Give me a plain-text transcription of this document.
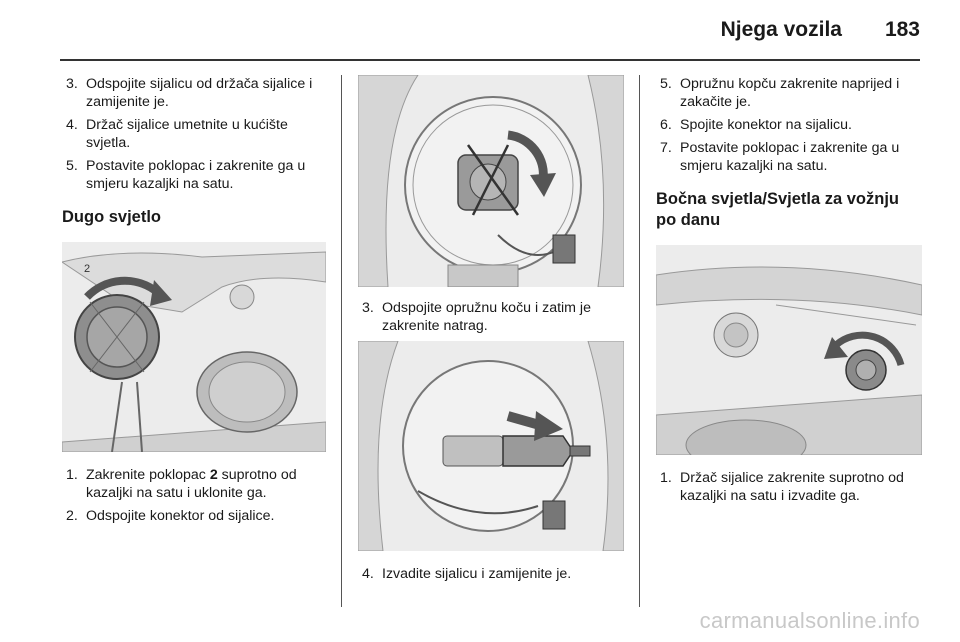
Njega vozila 183
3. Odspojite sijalicu od držača sijalice i zamijenite je.
4. Držač sijalice umetnite u kućište svjetla.
5. Postavite poklopac i zakrenite ga u smjeru kazaljki na satu.
Dugo svjetlo
2
1. Zakrenite poklopac 2 suprotno od kazaljki na satu i uklonite ga.
2. Odspojite konektor od sijalice.
3. Odspojite opružnu koču i zatim je zakrenite natrag.
4. Izvadite sijalicu i zamijenite je.
5. Opružnu kopču zakrenite naprijed i zakačite je.
6. Spojite konektor na sijalicu.
7. Postavite poklopac i zakrenite ga u smjeru kazaljki na satu.
Bočna svjetla/Svjetla za vožnju po danu
1. Držač sijalice zakrenite suprotno od kazaljki na satu i izvadite ga.
carmanualsonline.info
